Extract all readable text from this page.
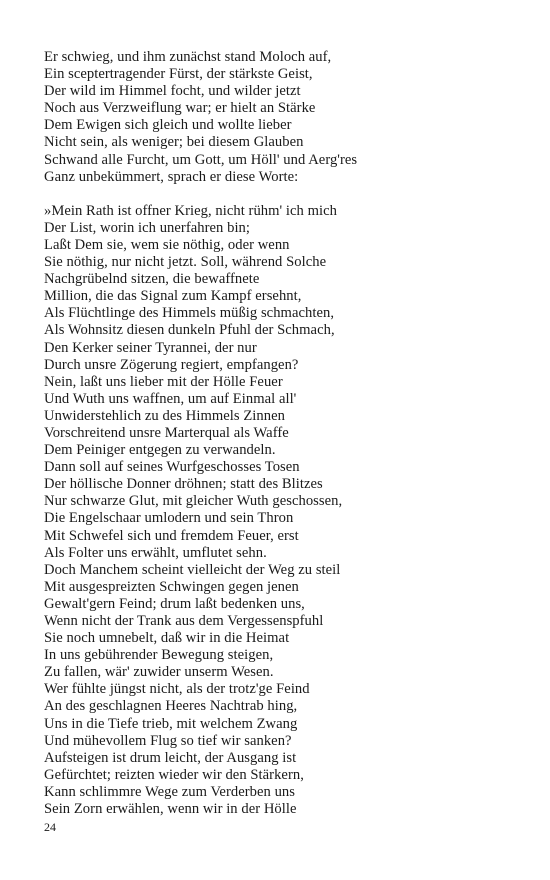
Er schwieg, und ihm zunächst stand Moloch auf,
Ein sceptertragender Fürst, der stärkste Geist,
Der wild im Himmel focht, und wilder jetzt
Noch aus Verzweiflung war; er hielt an Stärke
Dem Ewigen sich gleich und wollte lieber
Nicht sein, als weniger; bei diesem Glauben
Schwand alle Furcht, um Gott, um Höll' und Aerg'res
Ganz unbekümmert, sprach er diese Worte:
»Mein Rath ist offner Krieg, nicht rühm' ich mich
Der List, worin ich unerfahren bin;
Laßt Dem sie, wem sie nöthig, oder wenn
Sie nöthig, nur nicht jetzt. Soll, während Solche
Nachgrübelnd sitzen, die bewaffnete
Million, die das Signal zum Kampf ersehnt,
Als Flüchtlinge des Himmels müßig schmachten,
Als Wohnsitz diesen dunkeln Pfuhl der Schmach,
Den Kerker seiner Tyrannei, der nur
Durch unsre Zögerung regiert, empfangen?
Nein, laßt uns lieber mit der Hölle Feuer
Und Wuth uns waffnen, um auf Einmal all'
Unwiderstehlich zu des Himmels Zinnen
Vorschreitend unsre Marterqual als Waffe
Dem Peiniger entgegen zu verwandeln.
Dann soll auf seines Wurfgeschosses Tosen
Der höllische Donner dröhnen; statt des Blitzes
Nur schwarze Glut, mit gleicher Wuth geschossen,
Die Engelschaar umlodern und sein Thron
Mit Schwefel sich und fremdem Feuer, erst
Als Folter uns erwählt, umflutet sehn.
Doch Manchem scheint vielleicht der Weg zu steil
Mit ausgespreizten Schwingen gegen jenen
Gewalt'gern Feind; drum laßt bedenken uns,
Wenn nicht der Trank aus dem Vergessenspfuhl
Sie noch umnebelt, daß wir in die Heimat
In uns gebührender Bewegung steigen,
Zu fallen, wär' zuwider unserm Wesen.
Wer fühlte jüngst nicht, als der trotz'ge Feind
An des geschlagnen Heeres Nachtrab hing,
Uns in die Tiefe trieb, mit welchem Zwang
Und mühevollem Flug so tief wir sanken?
Aufsteigen ist drum leicht, der Ausgang ist
Gefürchtet; reizten wieder wir den Stärkern,
Kann schlimmre Wege zum Verderben uns
Sein Zorn erwählen, wenn wir in der Hölle
24
